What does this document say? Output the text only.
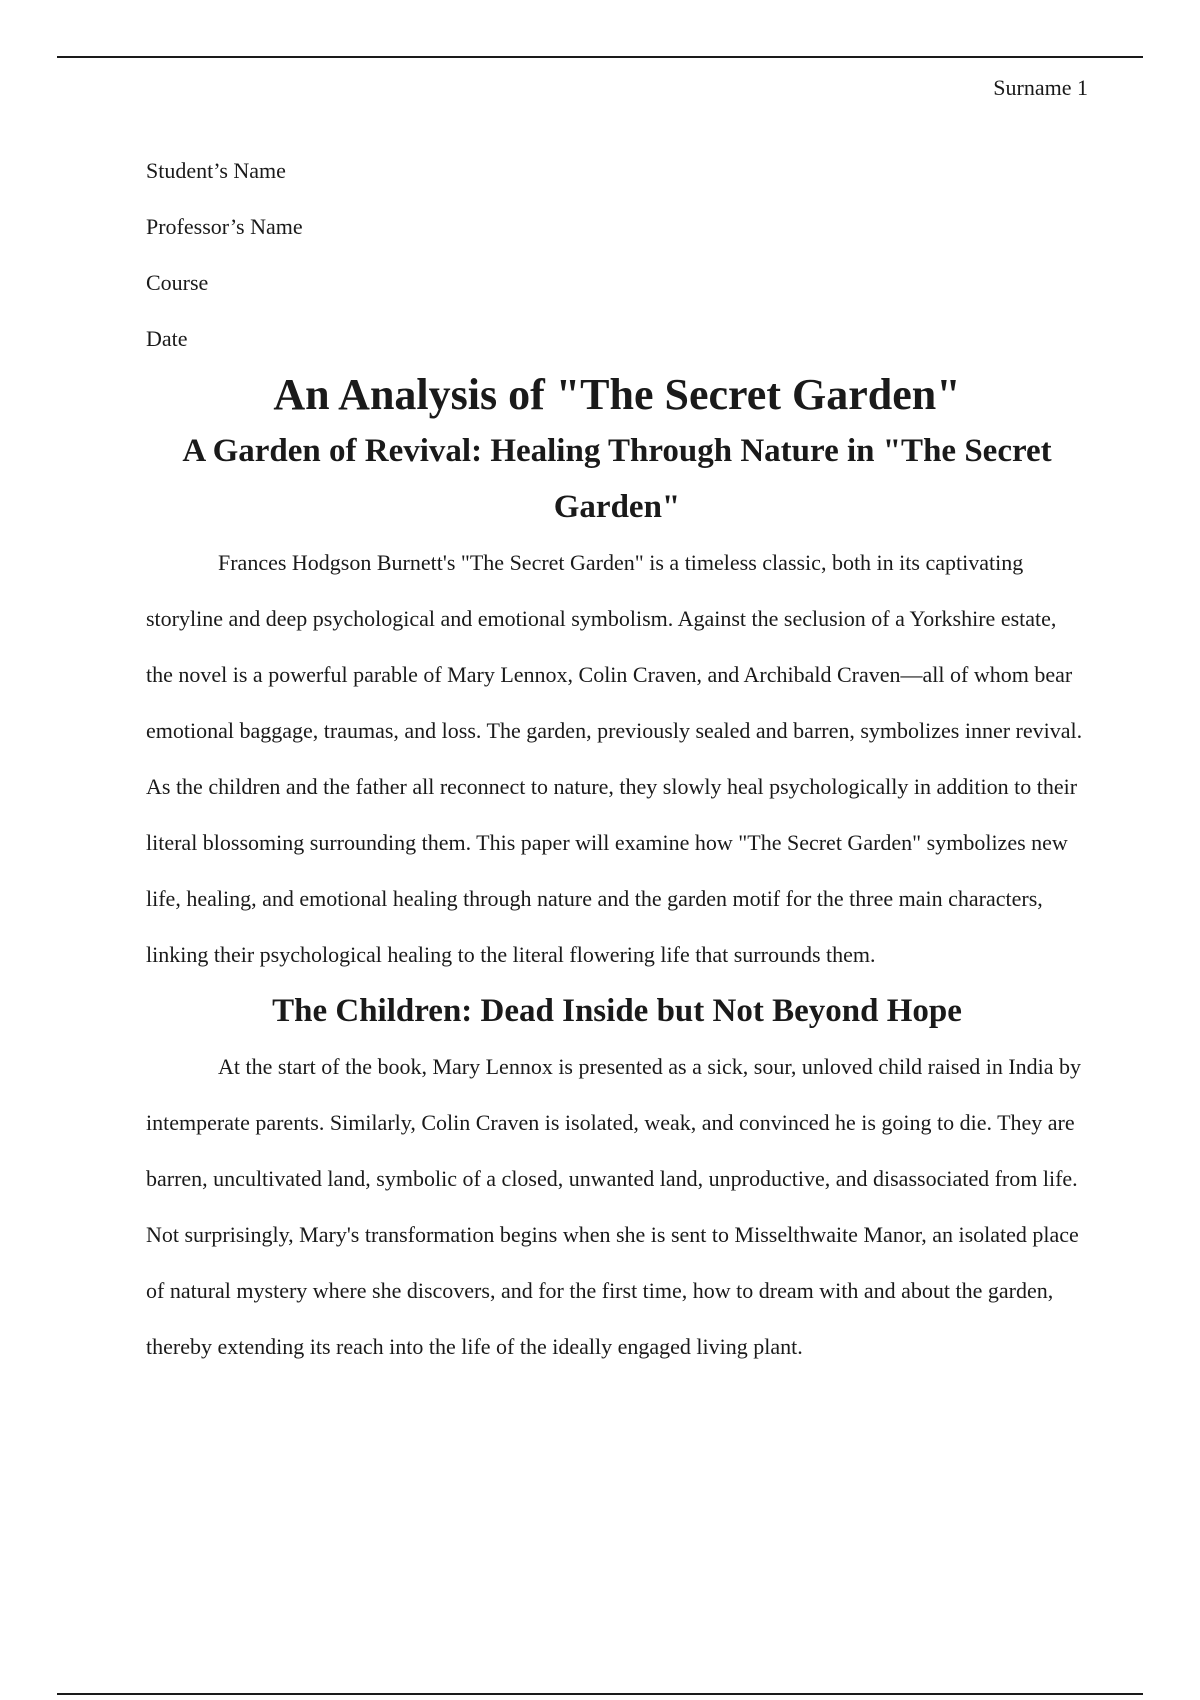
Surname 1

Student’s Name

Professor’s Name

Course

Date

An Analysis of "The Secret Garden"
A Garden of Revival: Healing Through Nature in "The Secret Garden"

Frances Hodgson Burnett's "The Secret Garden" is a timeless classic, both in its captivating storyline and deep psychological and emotional symbolism. Against the seclusion of a Yorkshire estate, the novel is a powerful parable of Mary Lennox, Colin Craven, and Archibald Craven—all of whom bear emotional baggage, traumas, and loss. The garden, previously sealed and barren, symbolizes inner revival. As the children and the father all reconnect to nature, they slowly heal psychologically in addition to their literal blossoming surrounding them. This paper will examine how "The Secret Garden" symbolizes new life, healing, and emotional healing through nature and the garden motif for the three main characters, linking their psychological healing to the literal flowering life that surrounds them.

The Children: Dead Inside but Not Beyond Hope

At the start of the book, Mary Lennox is presented as a sick, sour, unloved child raised in India by intemperate parents. Similarly, Colin Craven is isolated, weak, and convinced he is going to die. They are barren, uncultivated land, symbolic of a closed, unwanted land, unproductive, and disassociated from life. Not surprisingly, Mary's transformation begins when she is sent to Misselthwaite Manor, an isolated place of natural mystery where she discovers, and for the first time, how to dream with and about the garden, thereby extending its reach into the life of the ideally engaged living plant.
